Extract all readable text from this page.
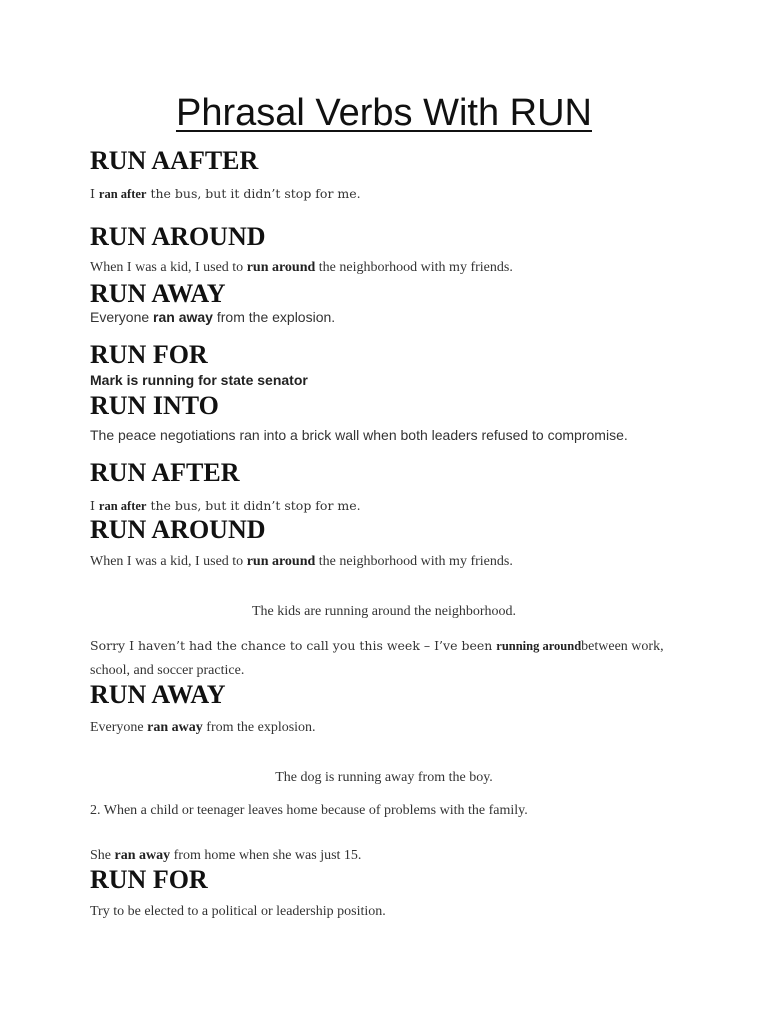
Phrasal Verbs With RUN
RUN AAFTER
I ran after the bus, but it didn’t stop for me.
RUN AROUND
When I was a kid, I used to run around the neighborhood with my friends.
RUN AWAY
Everyone ran away from the explosion.
RUN FOR
Mark is running for state senator
RUN INTO
The peace negotiations ran into a brick wall when both leaders refused to compromise.
RUN AFTER
I ran after the bus, but it didn’t stop for me.
RUN AROUND
When I was a kid, I used to run around the neighborhood with my friends.
The kids are running around the neighborhood.
Sorry I haven’t had the chance to call you this week – I’ve been running aroundbetween work,
school, and soccer practice.
RUN AWAY
Everyone ran away from the explosion.
The dog is running away from the boy.
2. When a child or teenager leaves home because of problems with the family.
She ran away from home when she was just 15.
RUN FOR
Try to be elected to a political or leadership position.
